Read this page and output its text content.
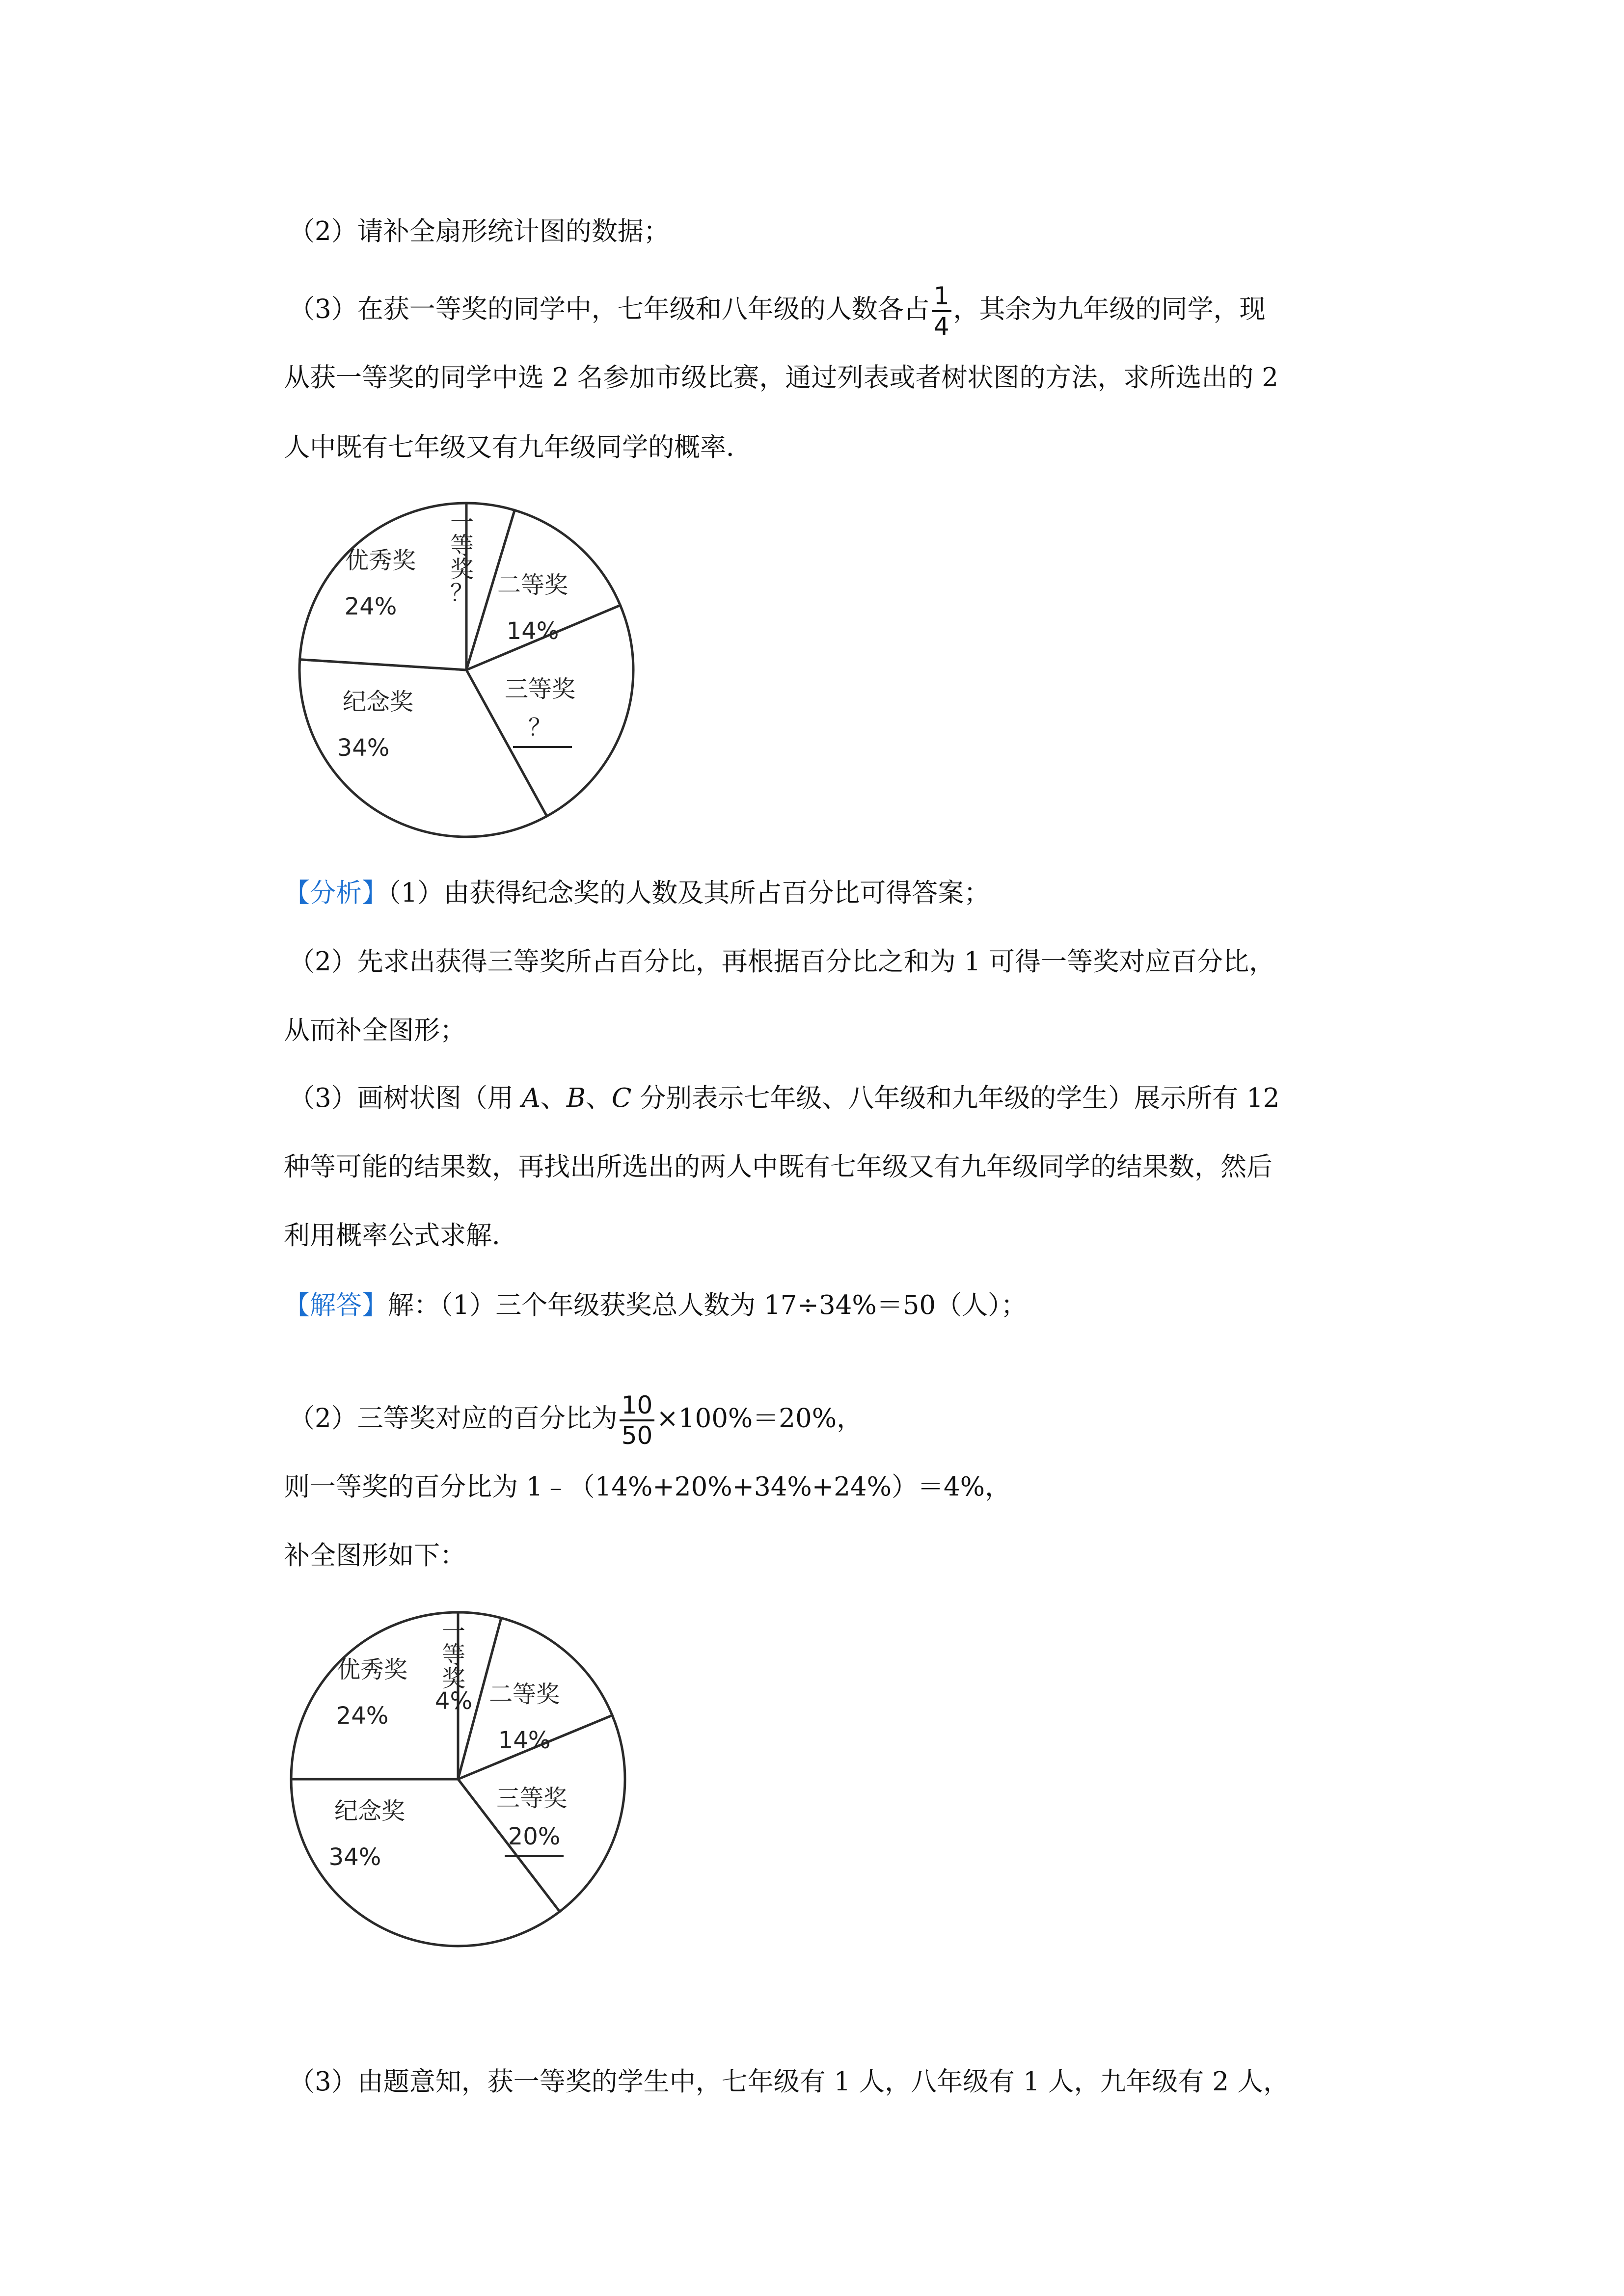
（2）请补全扇形统计图的数据；
（3）在获一等奖的同学中，七年级和八年级的人数各占 $\frac{1}{4}$ ，其余为九年级的同学，现
从获一等奖的同学中选 2 名参加市级比赛，通过列表或者树状图的方法，求所选出的 2
人中既有七年级又有九年级同学的概率．
一
等
奖
？ 二等奖
14%
三等奖
？
优秀奖
24%
纪念奖
34%
【分析】（1）由获得纪念奖的人数及其所占百分比可得答案；
（2）先求出获得三等奖所占百分比，再根据百分比之和为 1 可得一等奖对应百分比，
从而补全图形；
（3）画树状图（用 A、B、C 分别表示七年级、八年级和九年级的学生）展示所有 12
种等可能的结果数，再找出所选出的两人中既有七年级又有九年级同学的结果数，然后
利用概率公式求解．
【解答】解：（1）三个年级获奖总人数为 17÷34%＝50（人）；
（2）三等奖对应的百分比为 $\frac{10}{50} \times 100\%=20\%$，
则一等奖的百分比为 1﹣（14%+20%+34%+24%）＝4%，
补全图形如下：
一
等
奖
4% 二等奖
14%
三等奖
20%
优秀奖
24%
纪念奖
34%
（3）由题意知，获一等奖的学生中，七年级有 1 人，八年级有 1 人，九年级有 2 人，
